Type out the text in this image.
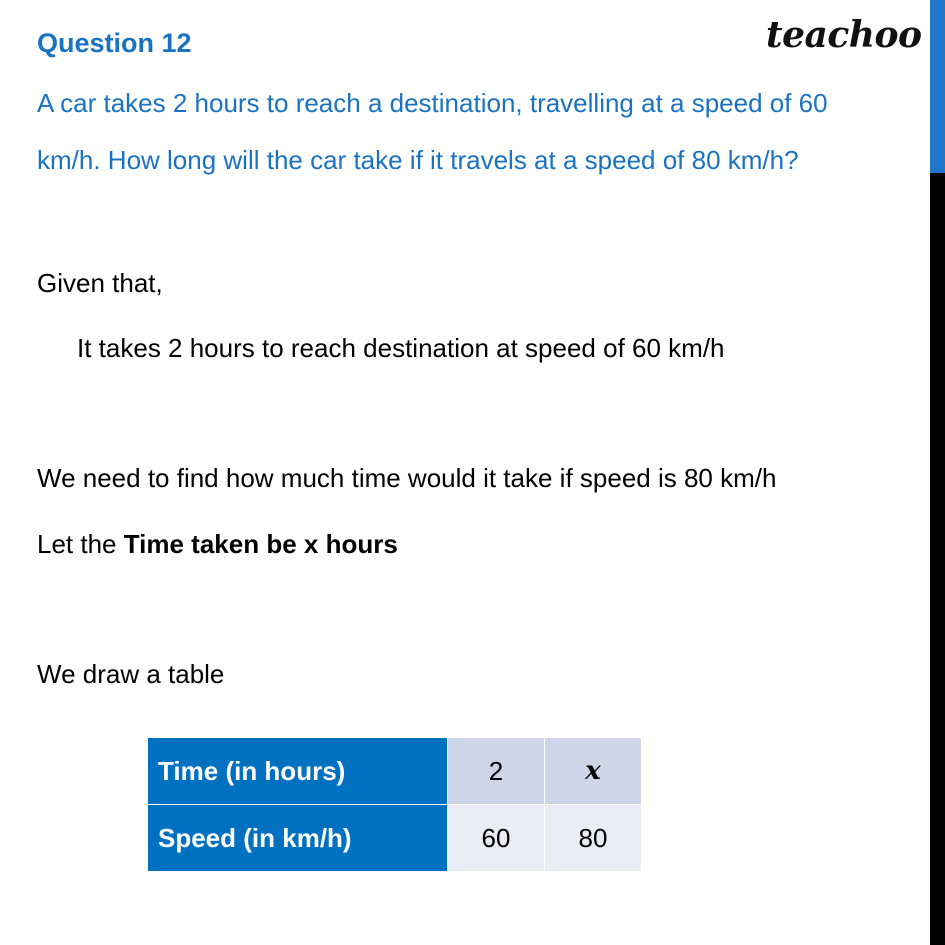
Question 12	teachoo
A car takes 2 hours to reach a destination, travelling at a speed of 60
km/h. How long will the car take if it travels at a speed of 80 km/h?
Given that,
It takes 2 hours to reach destination at speed of 60 km/h
We need to find how much time would it take if speed is 80 km/h
Let the Time taken be x hours
We draw a table
Time (in hours)	2	x
Speed (in km/h)	60	80
